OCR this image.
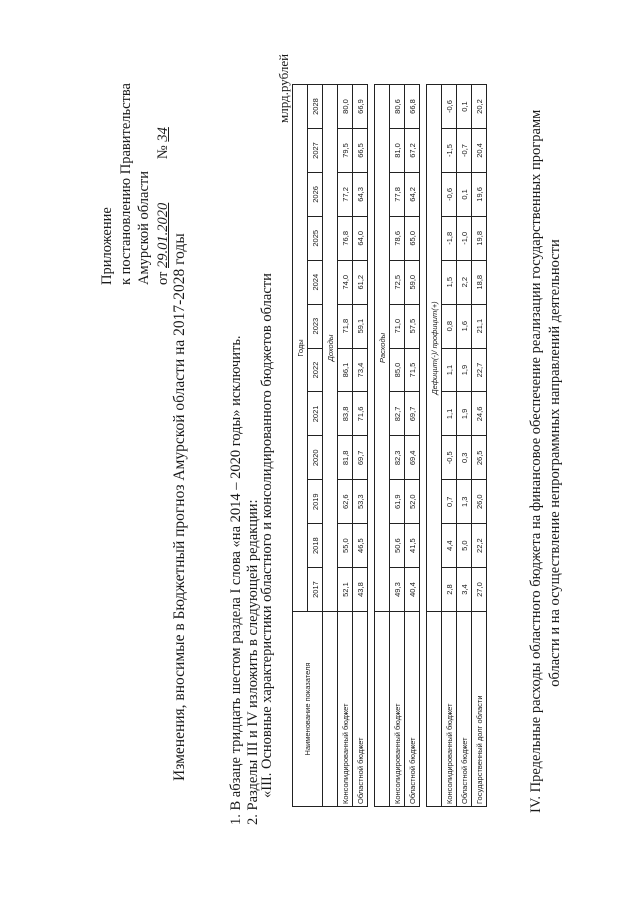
Приложение к постановлению Правительства Амурской области от 29.01.2020 № 34
Изменения, вносимые в Бюджетный прогноз Амурской области на 2017-2028 годы	1. В абзаце тридцать шестом раздела I слова «на 2014 – 2020 годы» исключить. 2. Разделы III и IV изложить в следующей редакции:
«III. Основные характеристики областного и консолидированного бюджетов области
млрд.рублей
Наименование показателя	Годы											
	2017	2018	2019	2020	2021	2022	2023	2024	2025	2026	2027	2028
	Доходы											
Консолидированный бюджет	52,1	55,0	62,6	81,8	83,8	86,1	71,8	74,0	76,8	77,2	79,5	80,0
Областной бюджет	43,8	46,5	53,3	69,7	71,6	73,4	59,1	61,2	64,0	64,3	66,5	66,9

	Расходы											
Консолидированный бюджет	49,3	50,6	61,9	82,3	82,7	85,0	71,0	72,5	78,6	77,8	81,0	80,6
Областной бюджет	40,4	41,5	52,0	69,4	69,7	71,5	57,5	59,0	65,0	64,2	67,2	66,8

	Дефицит(-)/ профицит(+)											
Консолидированный бюджет	2,8	4,4	0,7	-0,5	1,1	1,1	0,8	1,5	-1,8	-0,6	-1,5	-0,6
Областной бюджет	3,4	5,0	1,3	0,3	1,9	1,9	1,6	2,2	-1,0	0,1	-0,7	0,1
Государственный долг области	27,0	22,2	26,0	26,5	24,6	22,7	21,1	18,8	19,8	19,6	20,4	20,2
IV. Предельные расходы областного бюджета на финансовое обеспечение реализации государственных программ области и на осуществление непрограммных направлений деятельности
